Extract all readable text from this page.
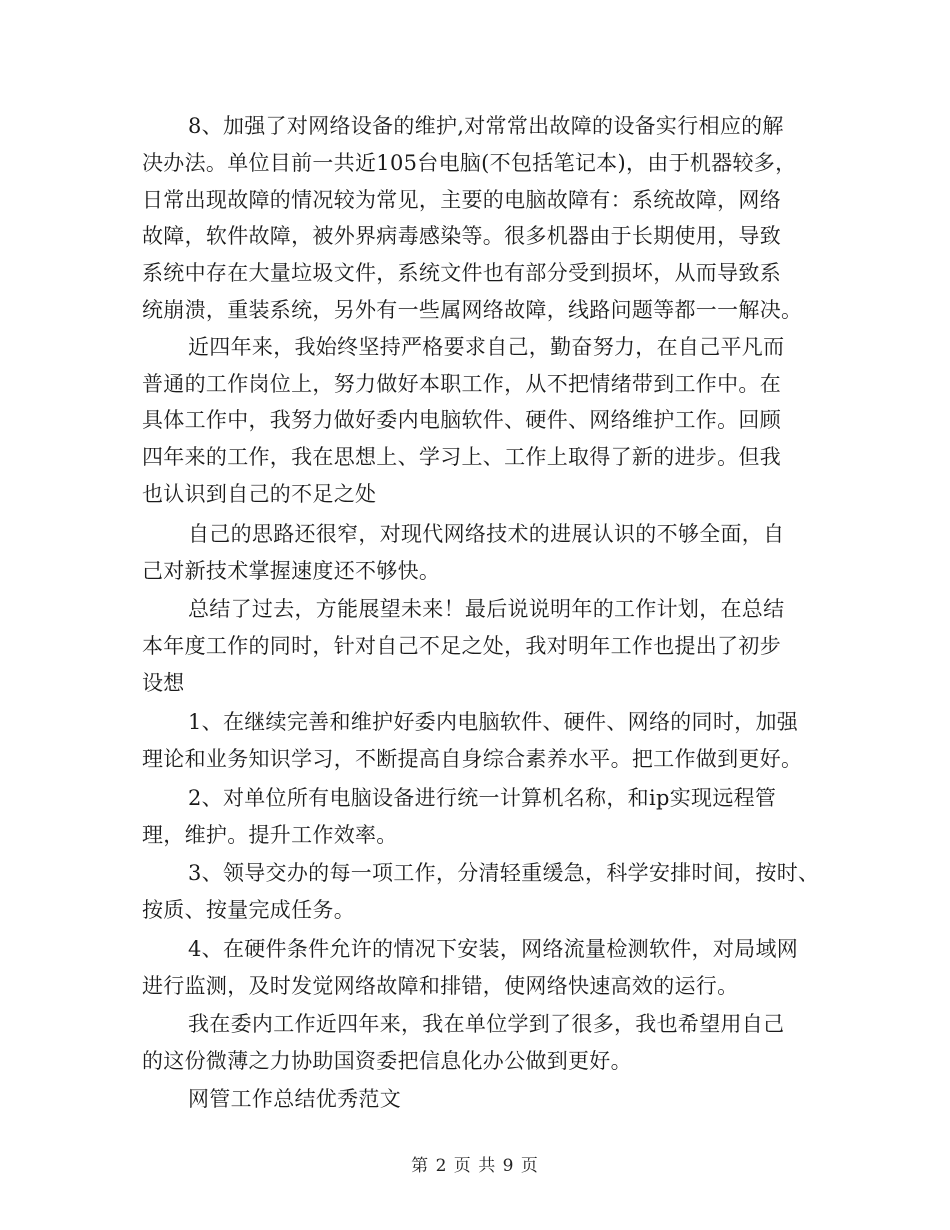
8、加强了对网络设备的维护,对常常出故障的设备实行相应的解
决办法。单位目前一共近105台电脑(不包括笔记本)，由于机器较多，
日常出现故障的情况较为常见，主要的电脑故障有：系统故障，网络
故障，软件故障，被外界病毒感染等。很多机器由于长期使用，导致
系统中存在大量垃圾文件，系统文件也有部分受到损坏，从而导致系
统崩溃，重装系统，另外有一些属网络故障，线路问题等都一一解决。
近四年来，我始终坚持严格要求自己，勤奋努力，在自己平凡而
普通的工作岗位上，努力做好本职工作，从不把情绪带到工作中。在
具体工作中，我努力做好委内电脑软件、硬件、网络维护工作。回顾
四年来的工作，我在思想上、学习上、工作上取得了新的进步。但我
也认识到自己的不足之处
自己的思路还很窄，对现代网络技术的进展认识的不够全面，自
己对新技术掌握速度还不够快。
总结了过去，方能展望未来！最后说说明年的工作计划，在总结
本年度工作的同时，针对自己不足之处，我对明年工作也提出了初步
设想
1、在继续完善和维护好委内电脑软件、硬件、网络的同时，加强
理论和业务知识学习，不断提高自身综合素养水平。把工作做到更好。
2、对单位所有电脑设备进行统一计算机名称，和ip实现远程管
理，维护。提升工作效率。
3、领导交办的每一项工作，分清轻重缓急，科学安排时间，按时、
按质、按量完成任务。
4、在硬件条件允许的情况下安装，网络流量检测软件，对局域网
进行监测，及时发觉网络故障和排错，使网络快速高效的运行。
我在委内工作近四年来，我在单位学到了很多，我也希望用自己
的这份微薄之力协助国资委把信息化办公做到更好。
网管工作总结优秀范文
第 2 页 共 9 页
